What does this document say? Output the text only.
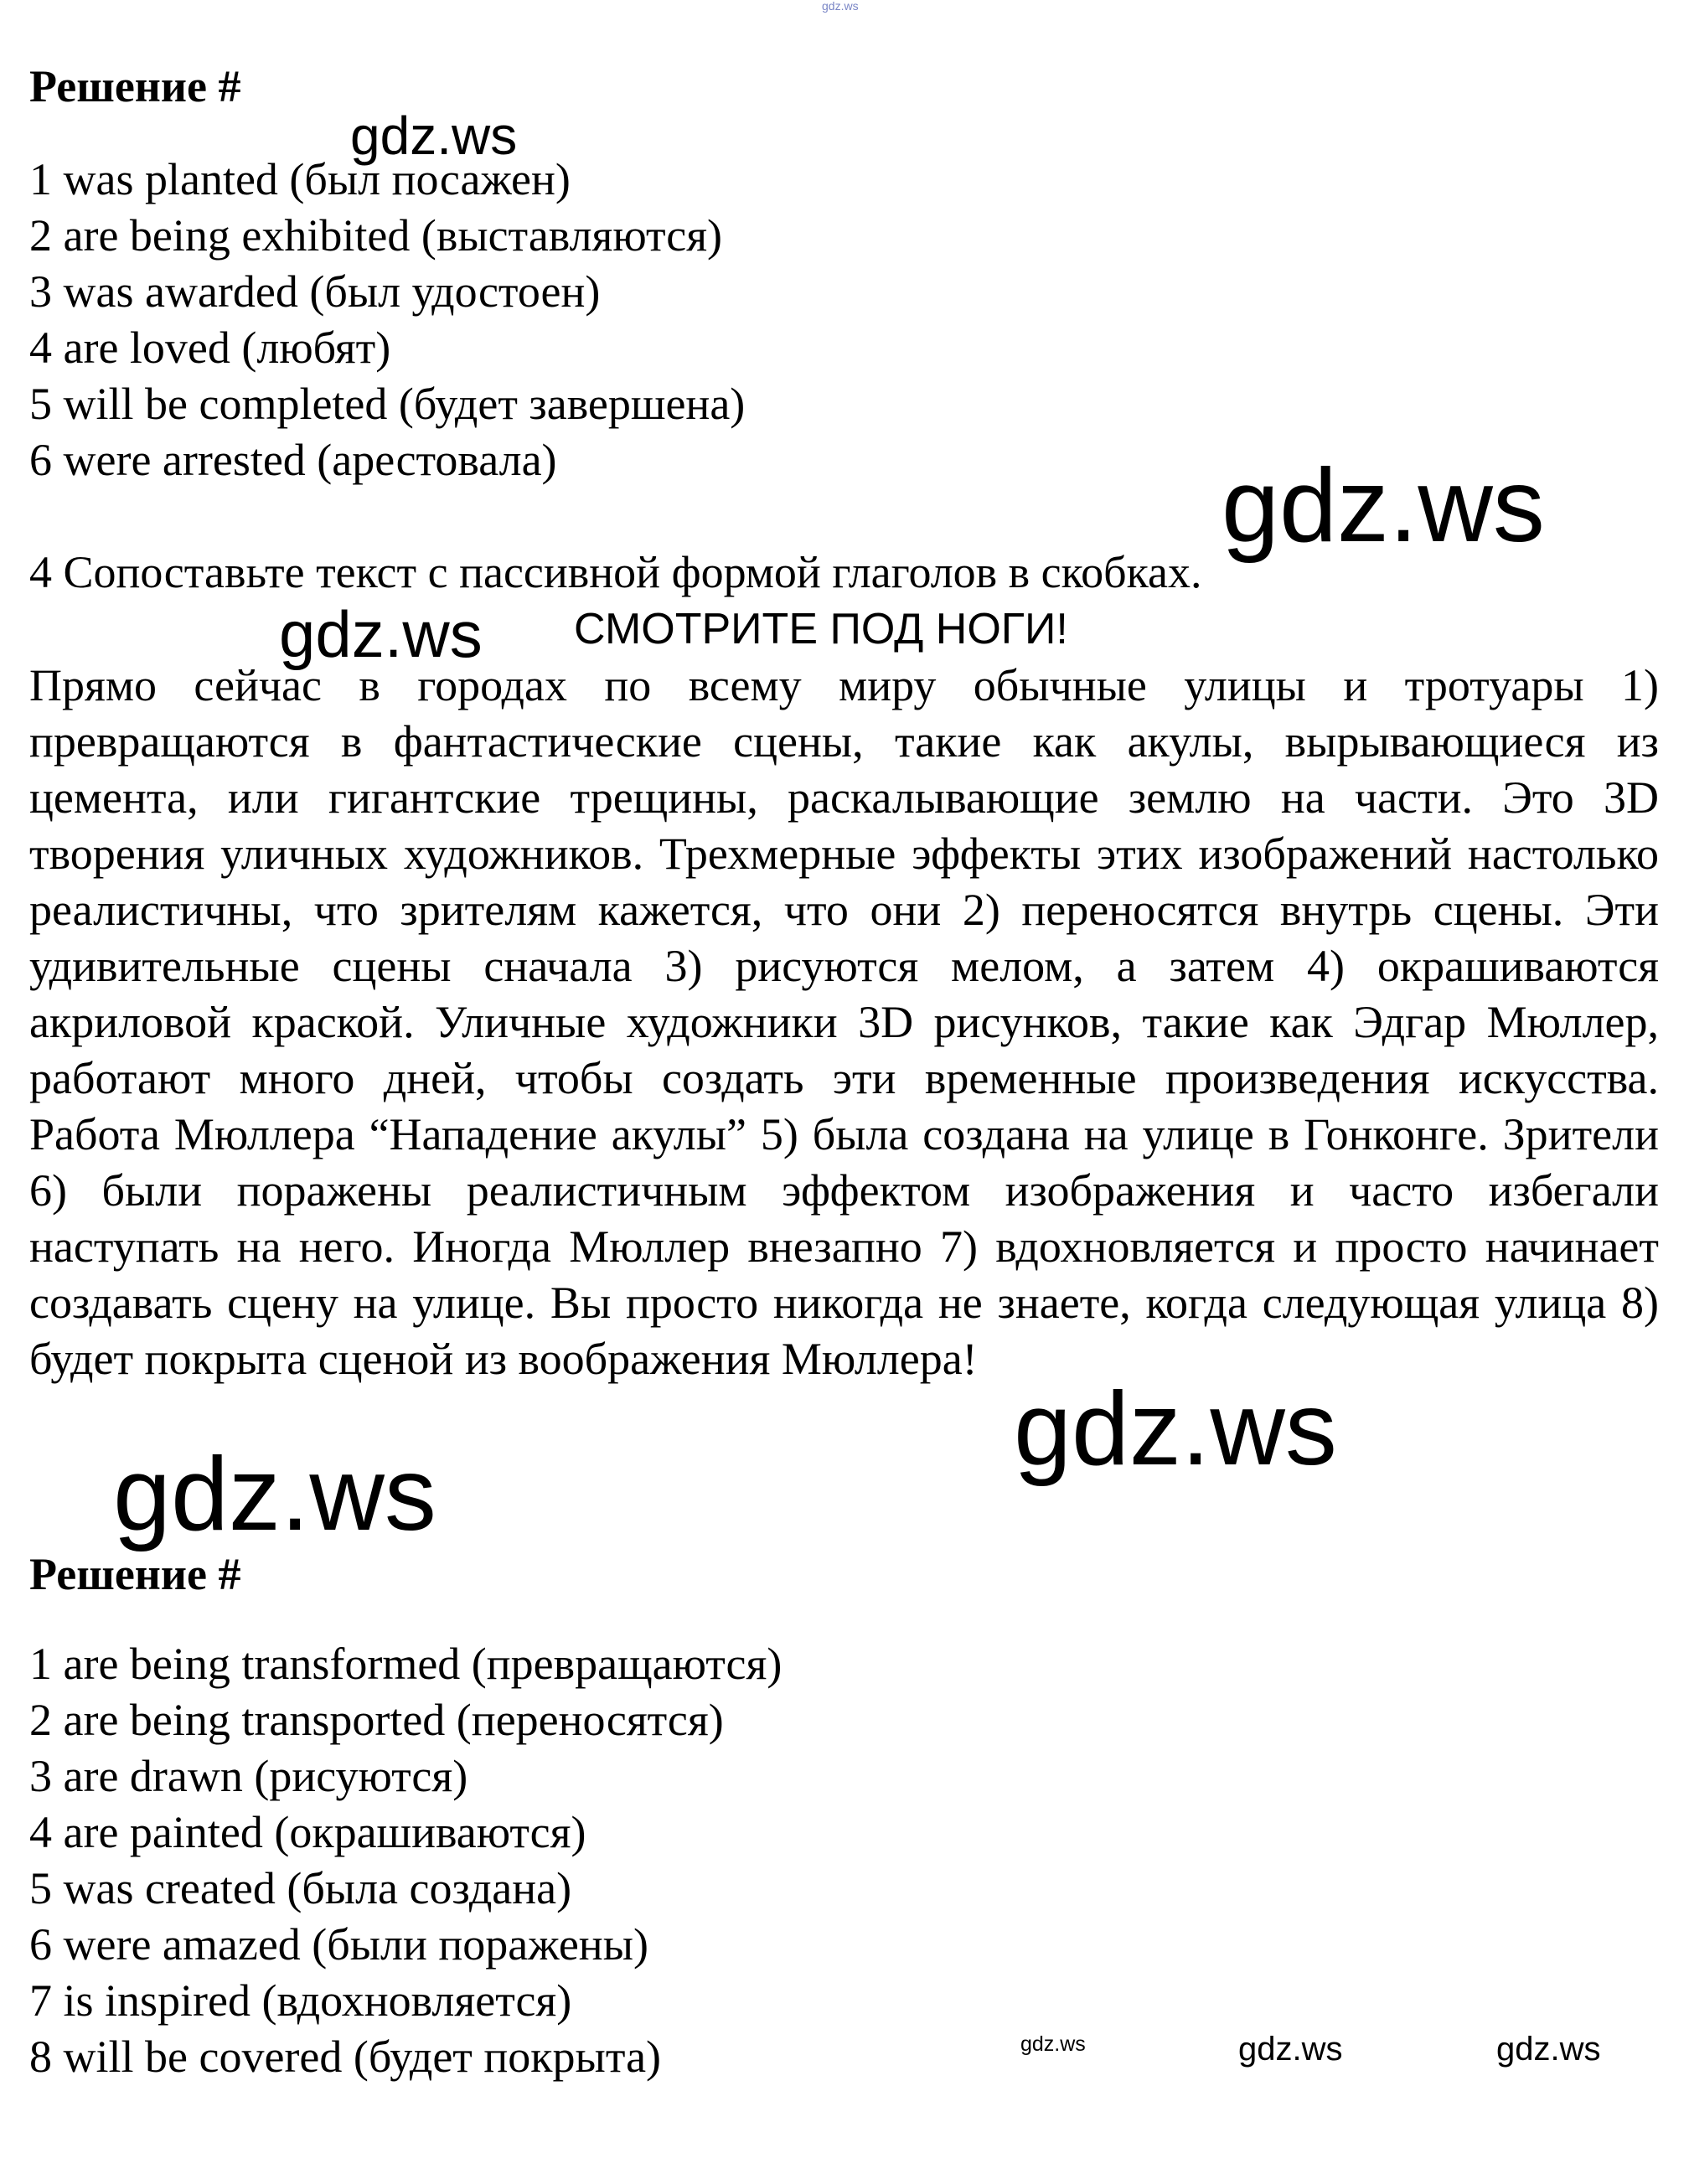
gdz.ws
Решение #
1 was planted (был посажен)
2 are being exhibited (выставляются)
3 was awarded (был удостоен)
4 are loved (любят)
5 will be completed (будет завершена)
6 were arrested (арестовала)
4 Сопоставьте текст с пассивной формой глаголов в скобках.
СМОТРИТЕ ПОД НОГИ!

Прямо сейчас в городах по всему миру обычные улицы и тротуары 1) превращаются в фантастические сцены, такие как акулы, вырывающиеся из цемента, или гигантские трещины, раскалывающие землю на части. Это 3D творения уличных художников. Трехмерные эффекты этих изображений настолько реалистичны, что зрителям кажется, что они 2) переносятся внутрь сцены. Эти удивительные сцены сначала 3) рисуются мелом, а затем 4) окрашиваются акриловой краской. Уличные художники 3D рисунков, такие как Эдгар Мюллер, работают много дней, чтобы создать эти временные произведения искусства. Работа Мюллера “Нападение акулы” 5) была создана на улице в Гонконге. Зрители 6) были поражены реалистичным эффектом изображения и часто избегали наступать на него. Иногда Мюллер внезапно 7) вдохновляется и просто начинает создавать сцену на улице. Вы просто никогда не знаете, когда следующая улица 8) будет покрыта сценой из воображения Мюллера!

Решение #
1 are being transformed (превращаются)
2 are being transported (переносятся)
3 are drawn (рисуются)
4 are painted (окрашиваются)
5 was created (была создана)
6 were amazed (были поражены)
7 is inspired (вдохновляется)
8 will be covered (будет покрыта)
gdz.ws
gdz.ws
gdz.ws
gdz.ws
gdz.ws
gdz.ws	gdz.ws	gdz.ws
